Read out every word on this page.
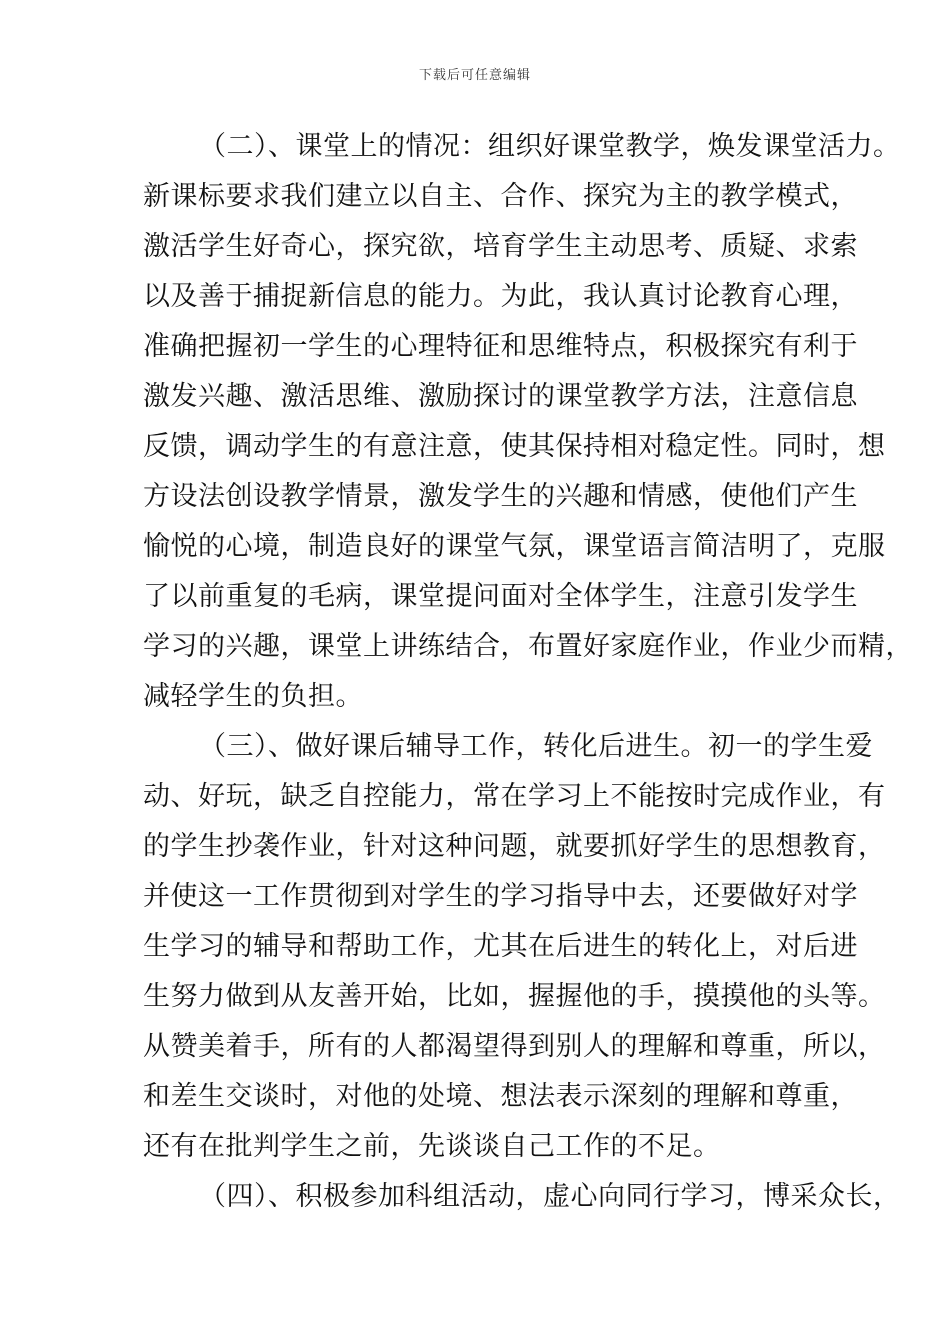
下载后可任意编辑
（二）、课堂上的情况：组织好课堂教学，焕发课堂活力。
新课标要求我们建立以自主、合作、探究为主的教学模式，
激活学生好奇心，探究欲，培育学生主动思考、质疑、求索
以及善于捕捉新信息的能力。为此，我认真讨论教育心理，
准确把握初一学生的心理特征和思维特点，积极探究有利于
激发兴趣、激活思维、激励探讨的课堂教学方法，注意信息
反馈，调动学生的有意注意，使其保持相对稳定性。同时，想
方设法创设教学情景，激发学生的兴趣和情感，使他们产生
愉悦的心境，制造良好的课堂气氛，课堂语言简洁明了，克服
了以前重复的毛病，课堂提问面对全体学生，注意引发学生
学习的兴趣，课堂上讲练结合，布置好家庭作业，作业少而精，
减轻学生的负担。
（三）、做好课后辅导工作，转化后进生。初一的学生爱
动、好玩，缺乏自控能力，常在学习上不能按时完成作业，有
的学生抄袭作业，针对这种问题，就要抓好学生的思想教育，
并使这一工作贯彻到对学生的学习指导中去，还要做好对学
生学习的辅导和帮助工作，尤其在后进生的转化上，对后进
生努力做到从友善开始，比如，握握他的手，摸摸他的头等。
从赞美着手，所有的人都渴望得到别人的理解和尊重，所以，
和差生交谈时，对他的处境、想法表示深刻的理解和尊重，
还有在批判学生之前，先谈谈自己工作的不足。
（四）、积极参加科组活动，虚心向同行学习，博采众长，
